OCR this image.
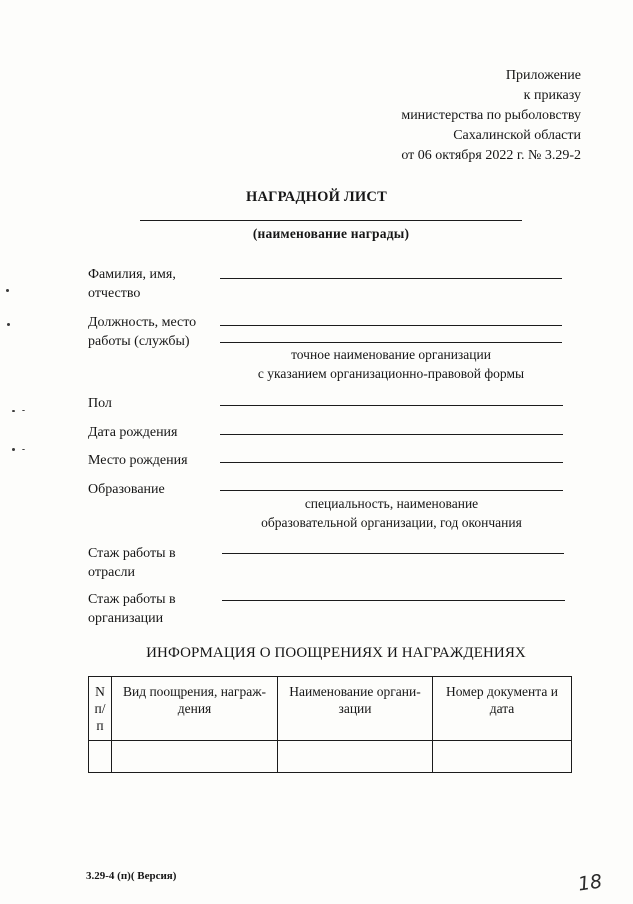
Приложение
к приказу
министерства по рыболовству
Сахалинской области
от 06 октября 2022 г. № 3.29-2
НАГРАДНОЙ ЛИСТ
(наименование награды)
Фамилия, имя, отчество
Должность, место работы (службы)
точное наименование организации
с указанием организационно-правовой формы
Пол
Дата рождения
Место рождения
Образование
специальность, наименование
образовательной организации, год окончания
Стаж работы в отрасли
Стаж работы в организации
ИНФОРМАЦИЯ О ПООЩРЕНИЯХ И НАГРАЖДЕНИЯХ
N п/п	Вид поощрения, награж- дения	Наименование органи- зации	Номер документа и дата

3.29-4 (п)( Версия)	18
